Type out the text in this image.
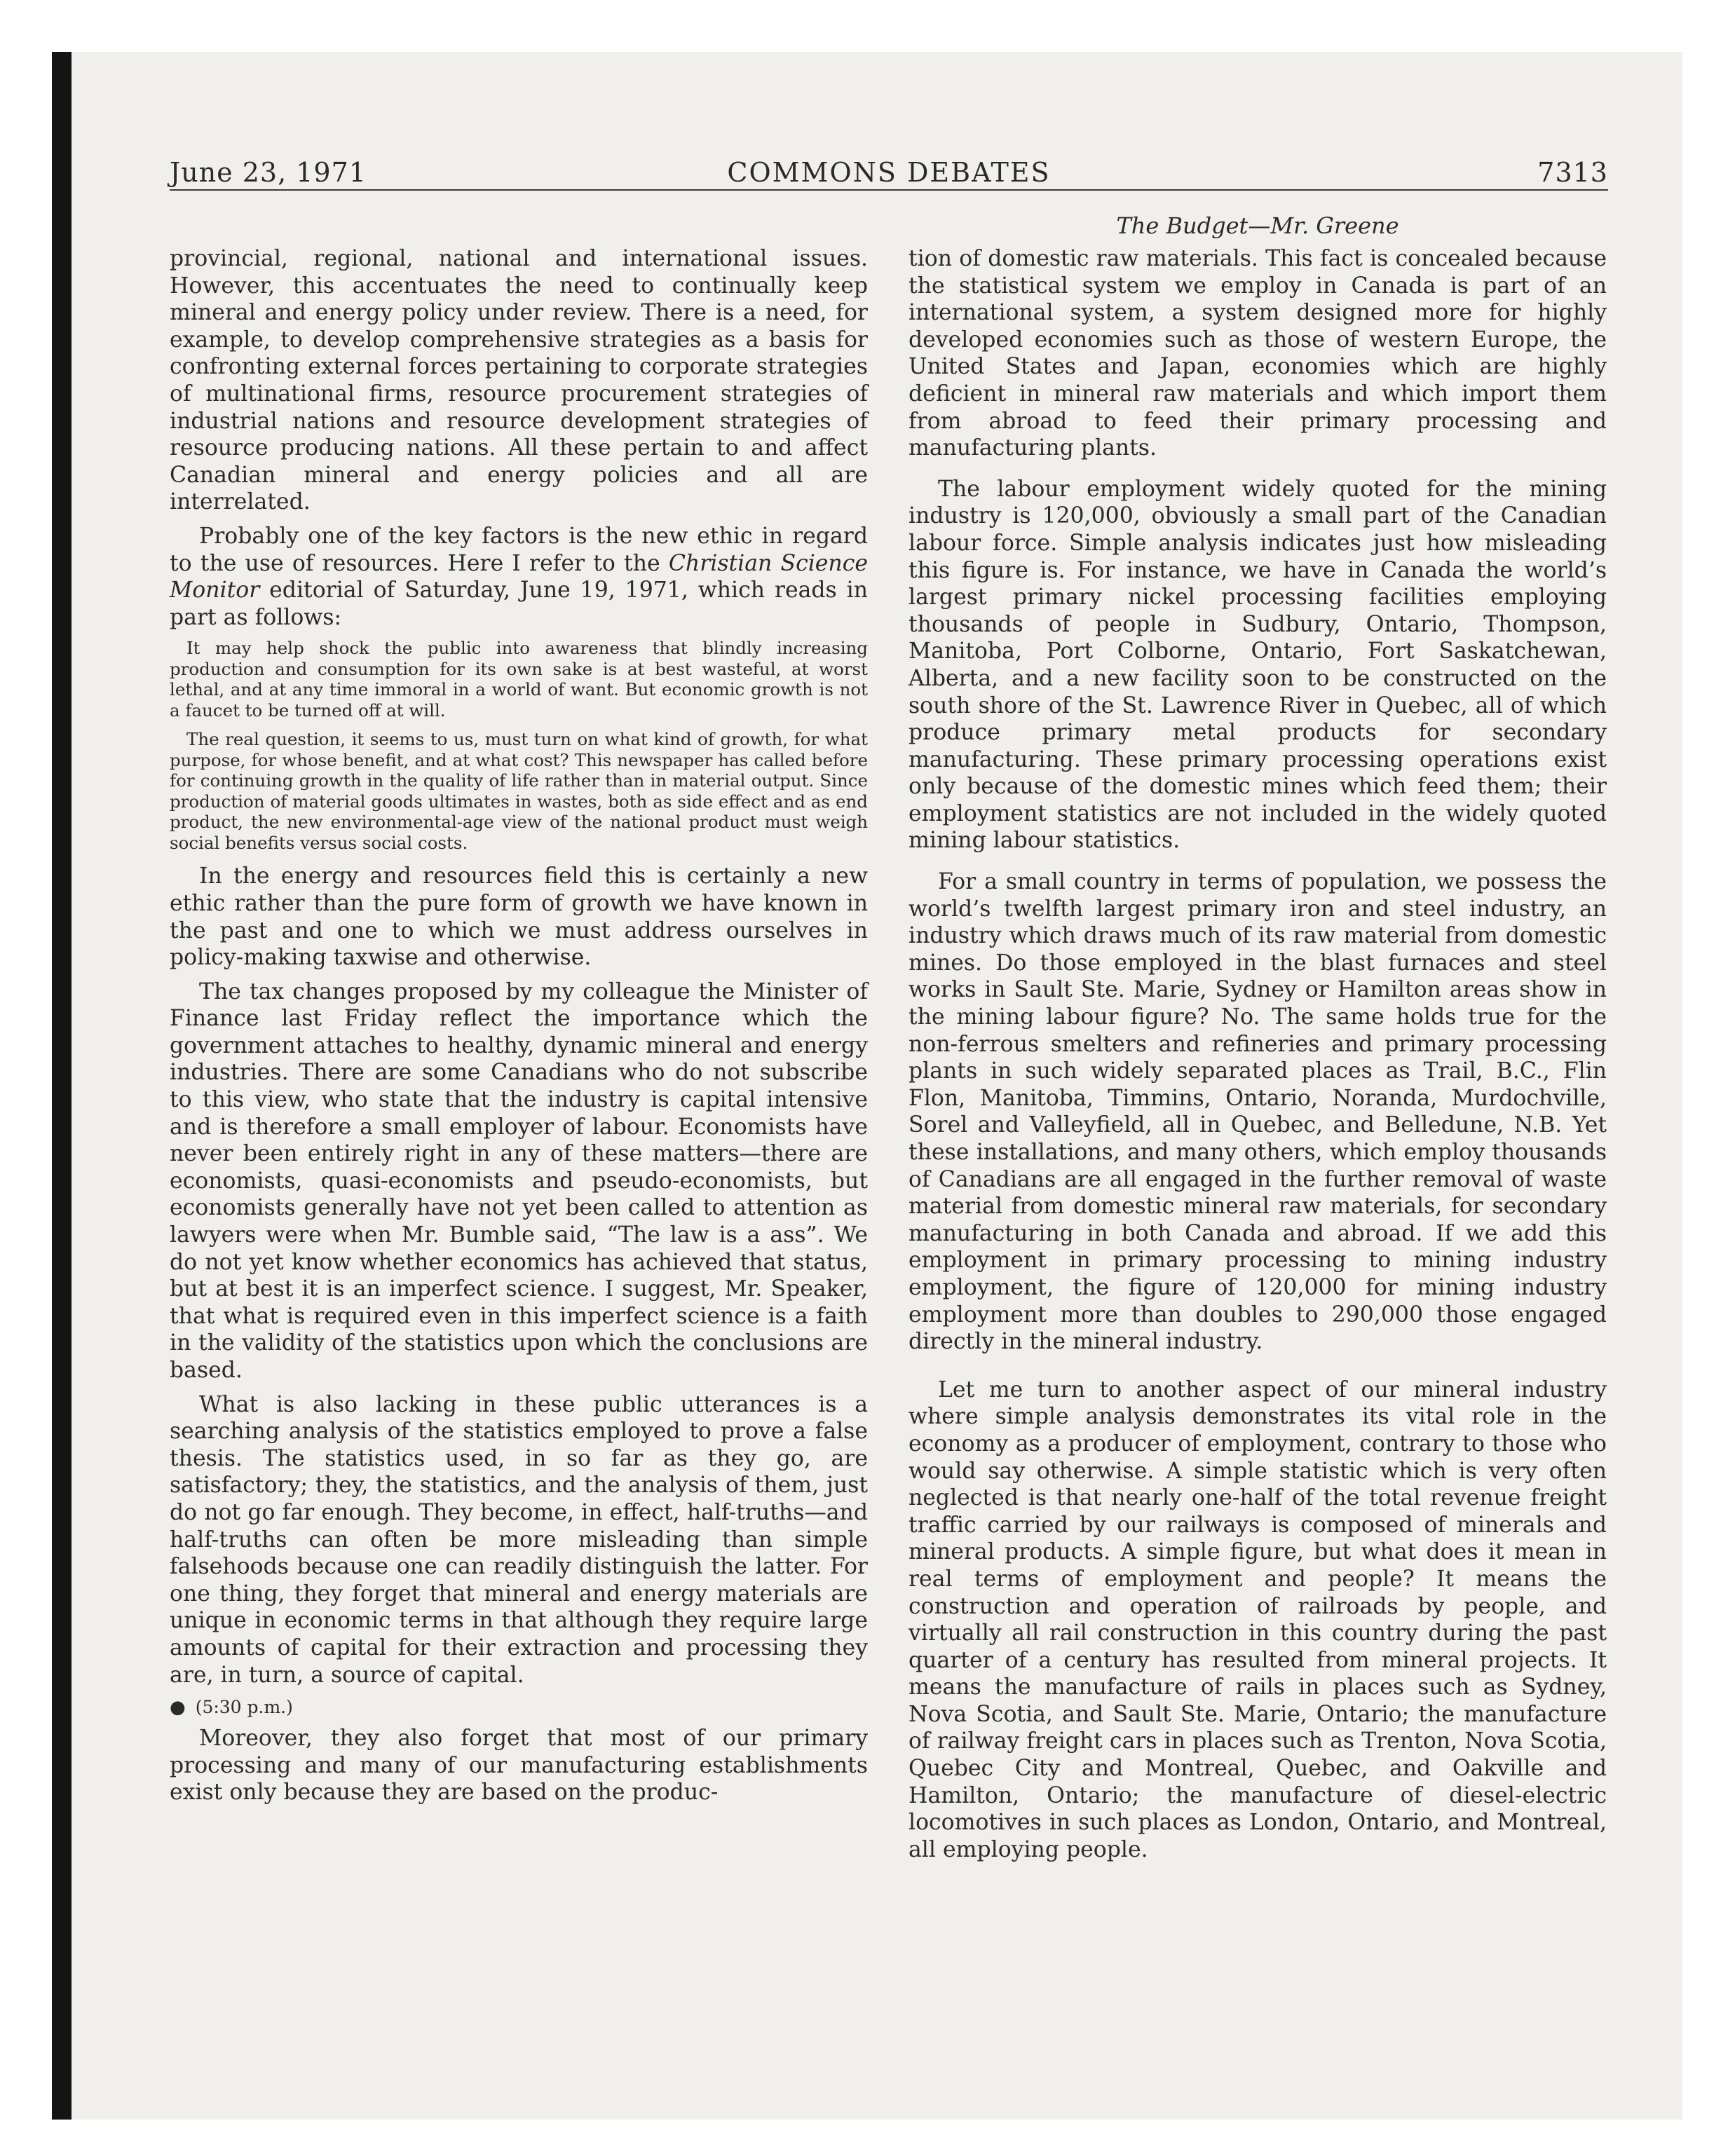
June 23, 1971	COMMONS DEBATES	7313
The Budget—Mr. Greene

provincial, regional, national and international issues. However, this accentuates the need to continually keep mineral and energy policy under review. There is a need, for example, to develop comprehensive strategies as a basis for confronting external forces pertaining to corporate strategies of multinational firms, resource procurement strategies of industrial nations and resource development strategies of resource producing nations. All these pertain to and affect Canadian mineral and energy policies and all are interrelated.

Probably one of the key factors is the new ethic in regard to the use of resources. Here I refer to the Christian Science Monitor editorial of Saturday, June 19, 1971, which reads in part as follows:

It may help shock the public into awareness that blindly increasing production and consumption for its own sake is at best wasteful, at worst lethal, and at any time immoral in a world of want. But economic growth is not a faucet to be turned off at will.

The real question, it seems to us, must turn on what kind of growth, for what purpose, for whose benefit, and at what cost? This newspaper has called before for continuing growth in the quality of life rather than in material output. Since production of material goods ultimates in wastes, both as side effect and as end product, the new environmental-age view of the national product must weigh social benefits versus social costs.

In the energy and resources field this is certainly a new ethic rather than the pure form of growth we have known in the past and one to which we must address ourselves in policy-making taxwise and otherwise.

The tax changes proposed by my colleague the Minister of Finance last Friday reflect the importance which the government attaches to healthy, dynamic mineral and energy industries. There are some Canadians who do not subscribe to this view, who state that the industry is capital intensive and is therefore a small employer of labour. Economists have never been entirely right in any of these matters—there are economists, quasi-economists and pseudo-economists, but economists generally have not yet been called to attention as lawyers were when Mr. Bumble said, “The law is a ass”. We do not yet know whether economics has achieved that status, but at best it is an imperfect science. I suggest, Mr. Speaker, that what is required even in this imperfect science is a faith in the validity of the statistics upon which the conclusions are based.

What is also lacking in these public utterances is a searching analysis of the statistics employed to prove a false thesis. The statistics used, in so far as they go, are satisfactory; they, the statistics, and the analysis of them, just do not go far enough. They become, in effect, half-truths—and half-truths can often be more misleading than simple falsehoods because one can readily distinguish the latter. For one thing, they forget that mineral and energy materials are unique in economic terms in that although they require large amounts of capital for their extraction and processing they are, in turn, a source of capital.

● (5:30 p.m.)

Moreover, they also forget that most of our primary processing and many of our manufacturing establishments exist only because they are based on the produc-

tion of domestic raw materials. This fact is concealed because the statistical system we employ in Canada is part of an international system, a system designed more for highly developed economies such as those of western Europe, the United States and Japan, economies which are highly deficient in mineral raw materials and which import them from abroad to feed their primary processing and manufacturing plants.

The labour employment widely quoted for the mining industry is 120,000, obviously a small part of the Canadian labour force. Simple analysis indicates just how misleading this figure is. For instance, we have in Canada the world’s largest primary nickel processing facilities employing thousands of people in Sudbury, Ontario, Thompson, Manitoba, Port Colborne, Ontario, Fort Saskatchewan, Alberta, and a new facility soon to be constructed on the south shore of the St. Lawrence River in Quebec, all of which produce primary metal products for secondary manufacturing. These primary processing operations exist only because of the domestic mines which feed them; their employment statistics are not included in the widely quoted mining labour statistics.

For a small country in terms of population, we possess the world’s twelfth largest primary iron and steel industry, an industry which draws much of its raw material from domestic mines. Do those employed in the blast furnaces and steel works in Sault Ste. Marie, Sydney or Hamilton areas show in the mining labour figure? No. The same holds true for the non-ferrous smelters and refineries and primary processing plants in such widely separated places as Trail, B.C., Flin Flon, Manitoba, Timmins, Ontario, Noranda, Murdochville, Sorel and Valleyfield, all in Quebec, and Belledune, N.B. Yet these installations, and many others, which employ thousands of Canadians are all engaged in the further removal of waste material from domestic mineral raw materials, for secondary manufacturing in both Canada and abroad. If we add this employment in primary processing to mining industry employment, the figure of 120,000 for mining industry employment more than doubles to 290,000 those engaged directly in the mineral industry.

Let me turn to another aspect of our mineral industry where simple analysis demonstrates its vital role in the economy as a producer of employment, contrary to those who would say otherwise. A simple statistic which is very often neglected is that nearly one-half of the total revenue freight traffic carried by our railways is composed of minerals and mineral products. A simple figure, but what does it mean in real terms of employment and people? It means the construction and operation of railroads by people, and virtually all rail construction in this country during the past quarter of a century has resulted from mineral projects. It means the manufacture of rails in places such as Sydney, Nova Scotia, and Sault Ste. Marie, Ontario; the manufacture of railway freight cars in places such as Trenton, Nova Scotia, Quebec City and Montreal, Quebec, and Oakville and Hamilton, Ontario; the manufacture of diesel-electric locomotives in such places as London, Ontario, and Montreal, all employing people.
